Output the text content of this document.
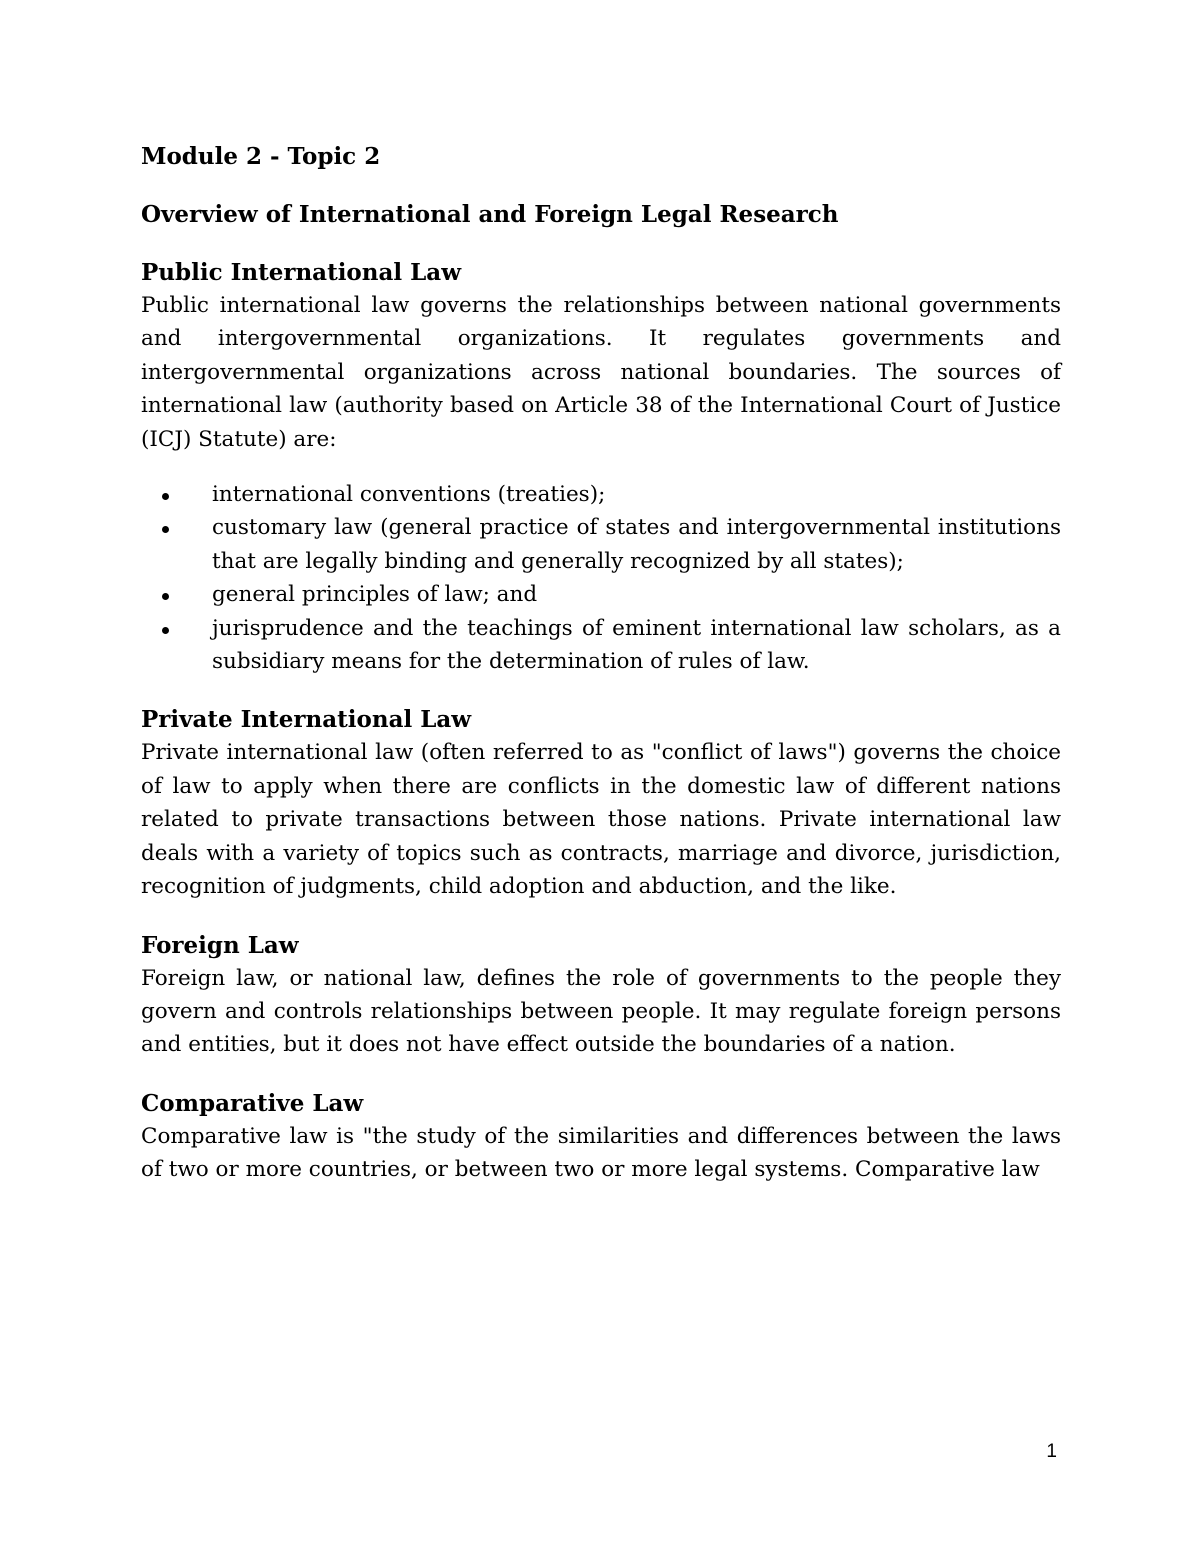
Module 2 - Topic 2
Overview of International and Foreign Legal Research
Public International Law

Public international law governs the relationships between national governments and intergovernmental organizations. It regulates governments and intergovernmental organizations across national boundaries. The sources of international law (authority based on Article 38 of the International Court of Justice (ICJ) Statute) are:

international conventions (treaties);
customary law (general practice of states and intergovernmental institutions that are legally binding and generally recognized by all states);
general principles of law; and
jurisprudence and the teachings of eminent international law scholars, as a subsidiary means for the determination of rules of law.
Private International Law

Private international law (often referred to as "conflict of laws") governs the choice of law to apply when there are conflicts in the domestic law of different nations related to private transactions between those nations. Private international law deals with a variety of topics such as contracts, marriage and divorce, jurisdiction, recognition of judgments, child adoption and abduction, and the like.

Foreign Law

Foreign law, or national law, defines the role of governments to the people they govern and controls relationships between people. It may regulate foreign persons and entities, but it does not have effect outside the boundaries of a nation.

Comparative Law

Comparative law is "the study of the similarities and differences between the laws of two or more countries, or between two or more legal systems. Comparative law

1
